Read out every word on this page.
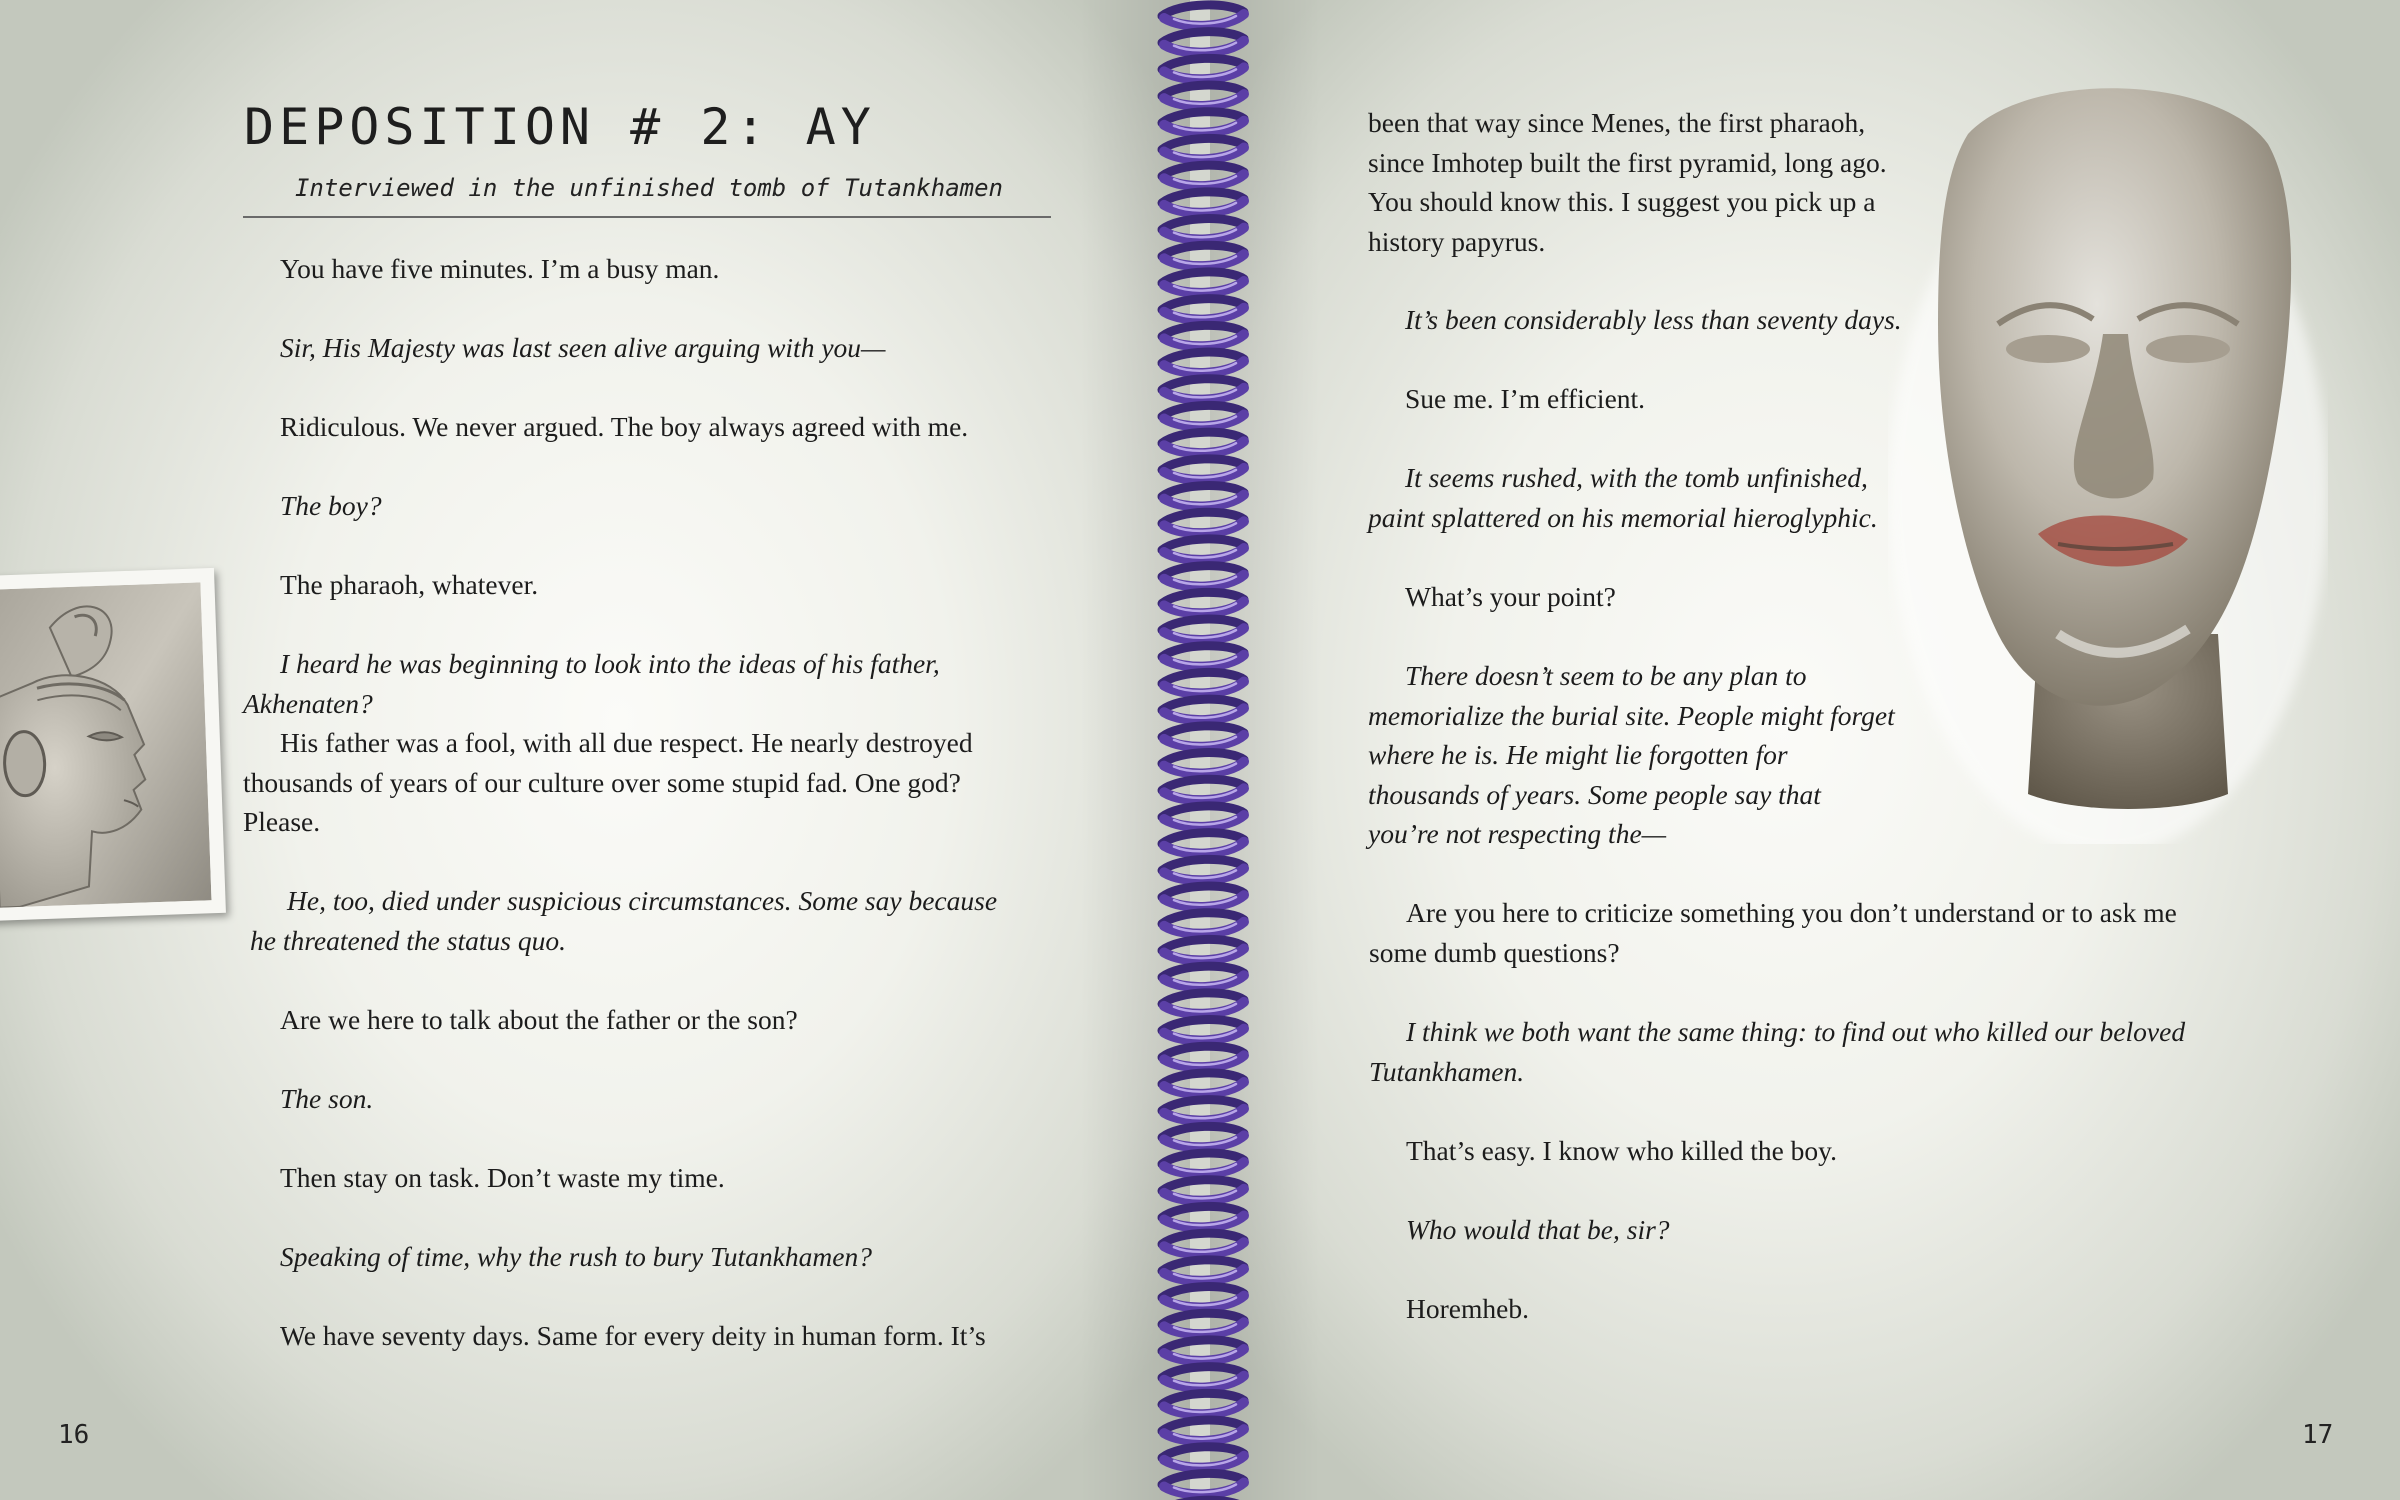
DEPOSITION # 2: AY
Interviewed in the unfinished tomb of Tutankhamen

You have five minutes. I’m a busy man.

Sir, His Majesty was last seen alive arguing with you—

Ridiculous. We never argued. The boy always agreed with me.

The boy?

The pharaoh, whatever.

I heard he was beginning to look into the ideas of his father, Akhenaten?

His father was a fool, with all due respect. He nearly destroyed thousands of years of our culture over some stupid fad. One god? Please.

He, too, died under suspicious circumstances. Some say because he threatened the status quo.

Are we here to talk about the father or the son?

The son.

Then stay on task. Don’t waste my time.

Speaking of time, why the rush to bury Tutankhamen?

We have seventy days. Same for every deity in human form. It’s

16

been that way since Menes, the first pharaoh, since Imhotep built the first pyramid, long ago. You should know this. I suggest you pick up a history papyrus.

It’s been considerably less than seventy days.

Sue me. I’m efficient.

It seems rushed, with the tomb unfinished, paint splattered on his memorial hieroglyphic.

What’s your point?

There doesn’t seem to be any plan to memorialize the burial site. People might forget where he is. He might lie forgotten for thousands of years. Some people say that you’re not respecting the—

Are you here to criticize something you don’t understand or to ask me some dumb questions?

I think we both want the same thing: to find out who killed our beloved Tutankhamen.

That’s easy. I know who killed the boy.

Who would that be, sir?

Horemheb.

17
